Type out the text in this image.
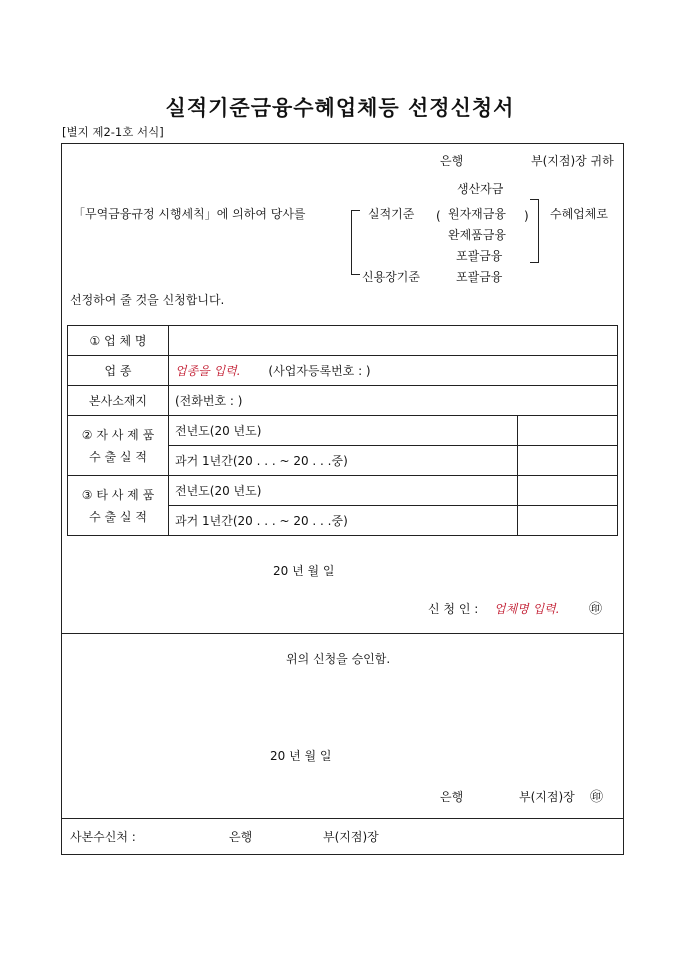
실적기준금융수혜업체등 선정신청서
[별지 제2-1호 서식]
은행	부(지점)장 귀하
「무역금융규정 시행세칙」에 의하여 당사를	실적기준 (	)
생산자금
원자재금융
완제품금융
포괄금융
수혜업체로
신용장기준	포괄금융
선정하여 줄 것을 신청합니다.
① 업 체 명		
업 종	업종을 입력. (사업자등록번호 : )	
본사소재지	(전화번호 : )	

② 자 사 제 품
수 출 실 적	전년도(20 년도)	
	과거 1년간(20 . . . ~ 20 . . .중)	

③ 타 사 제 품
수 출 실 적	전년도(20 년도)	
	과거 1년간(20 . . . ~ 20 . . .중)	
20 년 월 일
신 청 인 : 업체명 입력. ㊞
위의 신청을 승인함.
20 년 월 일
은행	부(지점)장 ㊞
사본수신처 :	은행	부(지점)장
